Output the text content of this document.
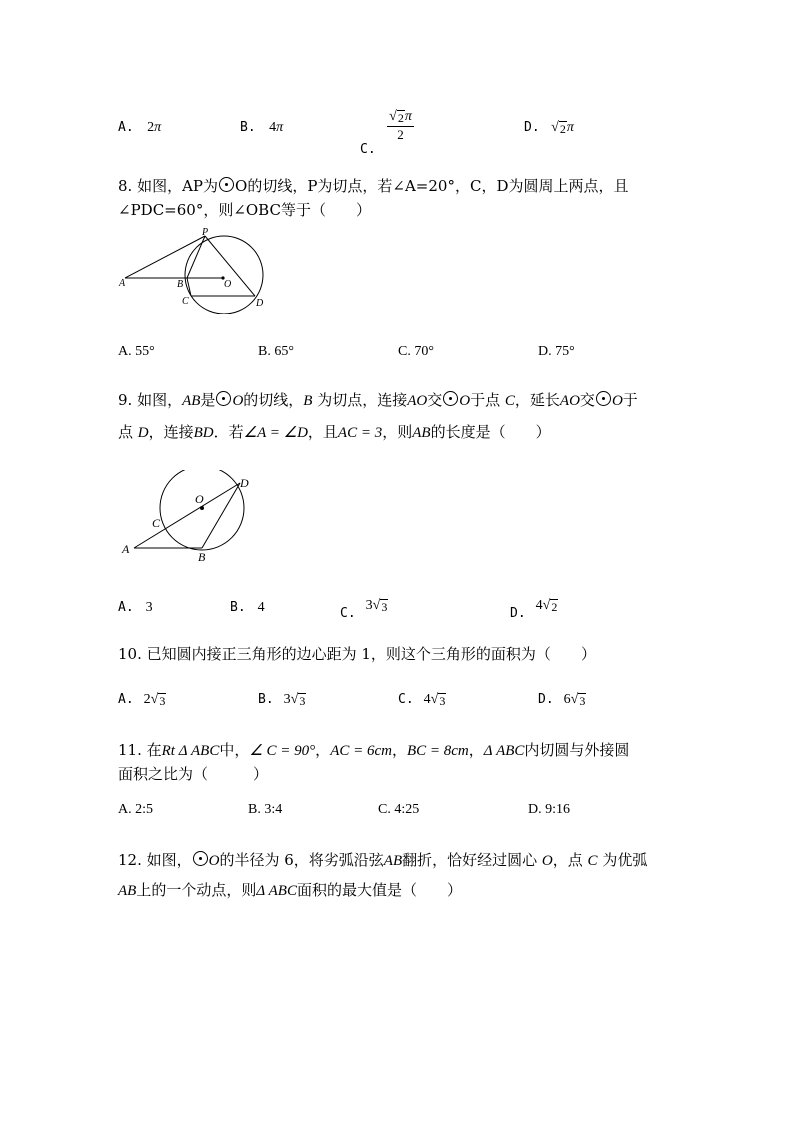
A. 2π	B. 4π
C.
$\frac{√ 2 \pi}{2}$	D. √ 2 π
8. 如图，AP为 O的切线，P为切点，若∠A=20°，C，D为圆周上两点，且
∠PDC=60°，则∠OBC等于（　　）
P
A	B	O
C	D
A. 55°	B. 65°	C. 70°	D. 75°
9. 如图，AB是 O的切线，B 为切点，连接AO交 O于点 C，延长AO交 O于
点 D，连接BD．若∠A = ∠D，且AC = 3，则AB的长度是（　　）
O
D
C
A
B
A. 3	B. 4	C.3 √ 3	D.4 √ 2
10. 已知圆内接正三角形的边心距为 1，则这个三角形的面积为（　　）
A. 2 √ 3	B. 3 √ 3	C. 4 √ 3	D. 6 √ 3
11. 在Rt Δ ABC中，∠ C = 90°，AC = 6cm，BC = 8cm，Δ ABC内切圆与外接圆
面积之比为（　　　）
A. 2:5	B. 3:4	C. 4:25	D. 9:16
12. 如图， O的半径为 6，将劣弧沿弦AB翻折，恰好经过圆心 O，点 C 为优弧
AB上的一个动点，则Δ ABC面积的最大值是（　　）
